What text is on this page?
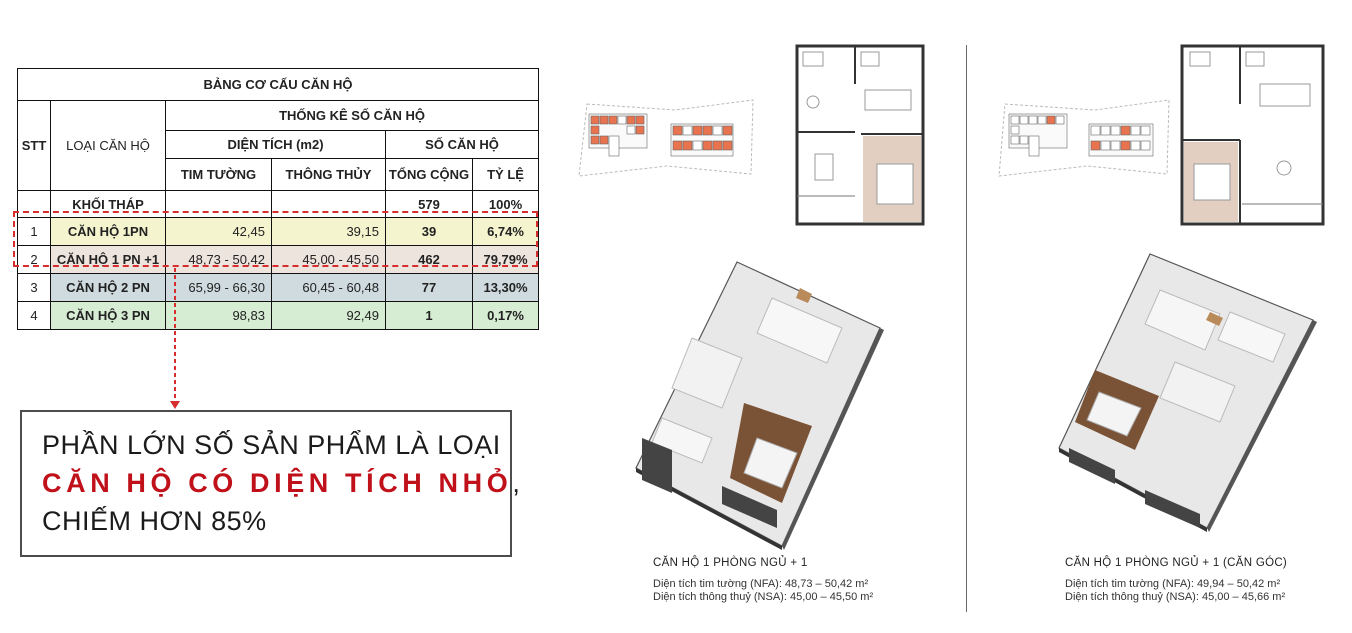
BẢNG CƠ CẤU CĂN HỘ					
STT	LOẠI CĂN HỘ	THỐNG KÊ SỐ CĂN HỘ			
		DIỆN TÍCH (m2)		SỐ CĂN HỘ	
		TIM TƯỜNG	THÔNG THỦY	TỔNG CỘNG	TỶ LỆ
	KHỐI THÁP			579	100%
1	CĂN HỘ 1PN	42,45	39,15	39	6,74%
2	CĂN HỘ 1 PN +1	48,73 - 50,42	45,00 - 45,50	462	79,79%
3	CĂN HỘ 2 PN	65,99 - 66,30	60,45 - 60,48	77	13,30%
4	CĂN HỘ 3 PN	98,83	92,49	1	0,17%
PHẦN LỚN SỐ SẢN PHẨM LÀ LOẠI
CĂN HỘ CÓ DIỆN TÍCH NHỎ,
CHIẾM HƠN 85%
CĂN HỘ 1 PHÒNG NGỦ + 1
Diện tích tim tường (NFA): 48,73 – 50,42 m²
Diện tích thông thuỷ (NSA): 45,00 – 45,50 m²
CĂN HỘ 1 PHÒNG NGỦ + 1 (CĂN GÓC)
Diện tích tim tường (NFA): 49,94 – 50,42 m²
Diện tích thông thuỷ (NSA): 45,00 – 45,66 m²
